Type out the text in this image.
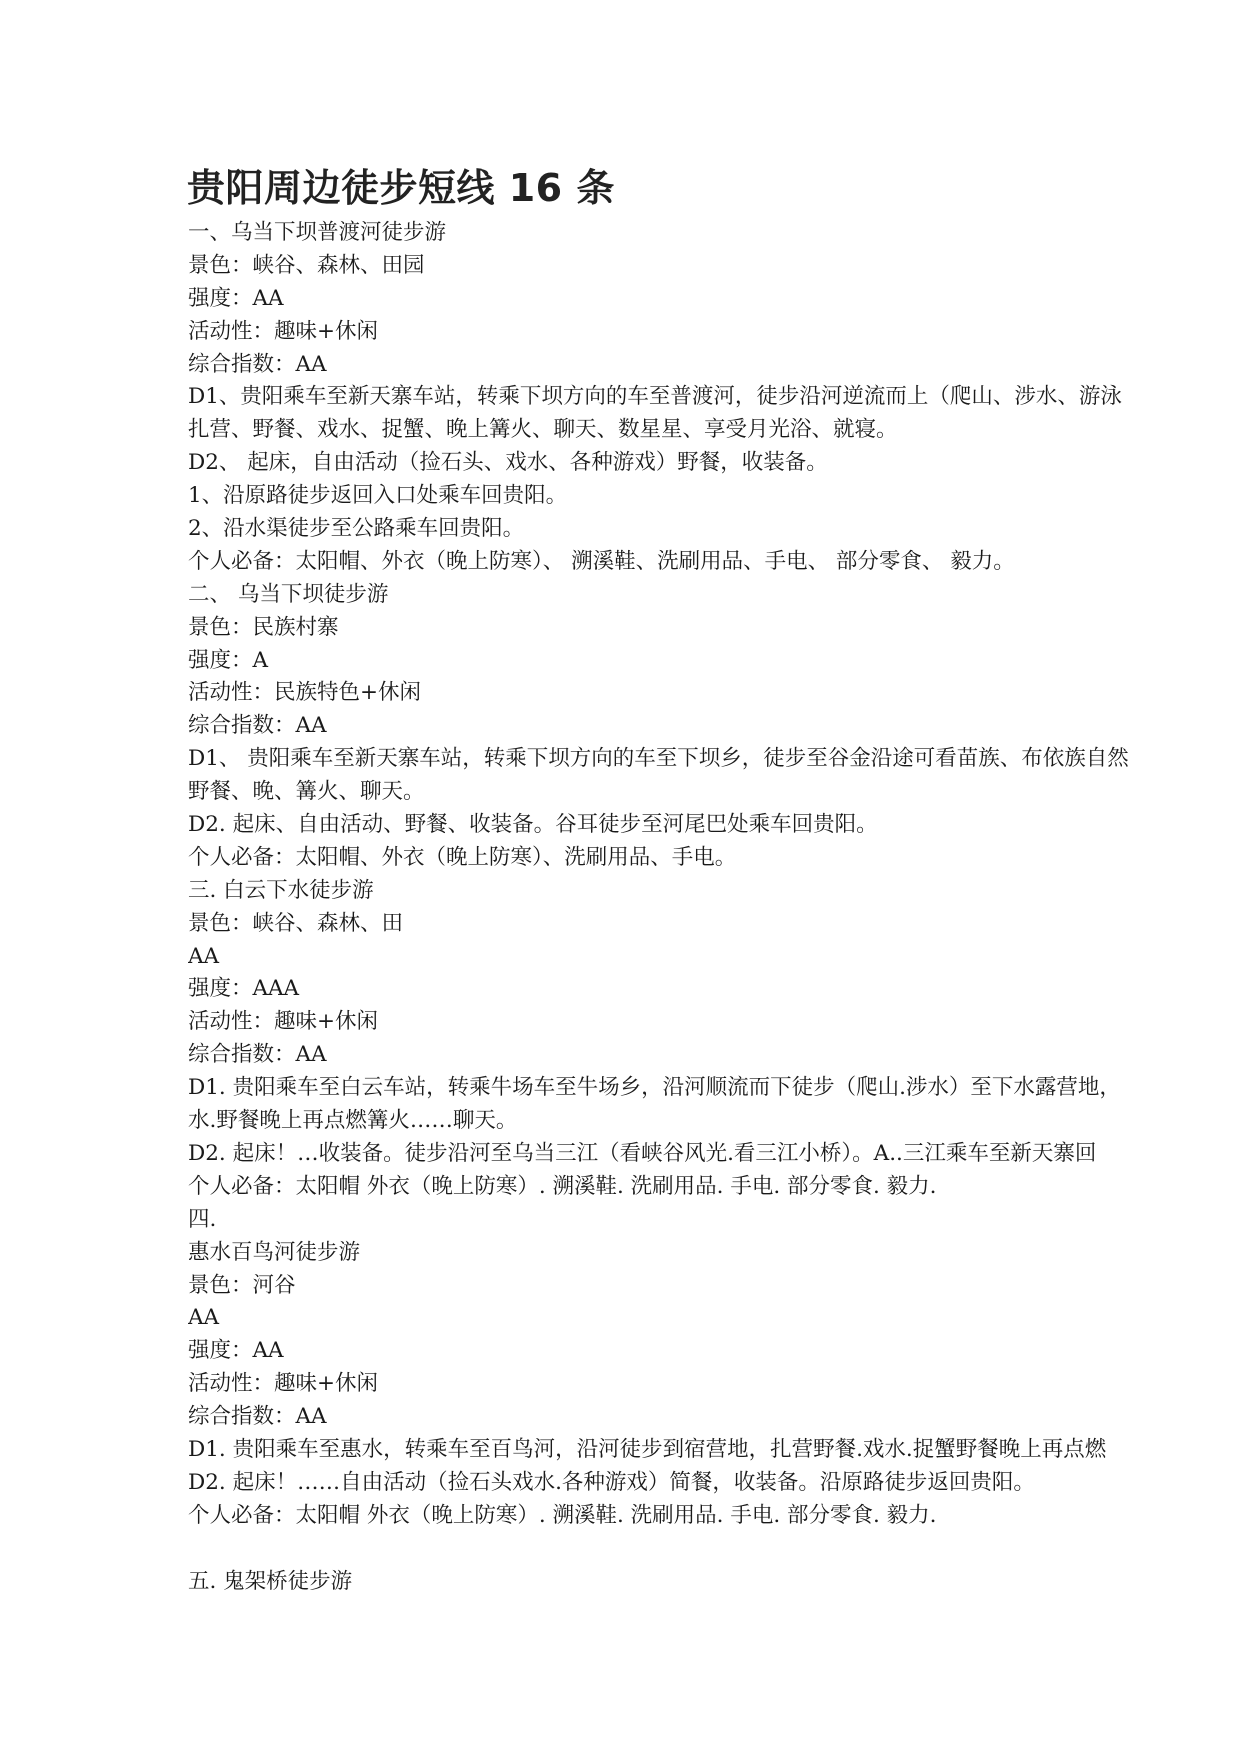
贵阳周边徒步短线 16 条
一、乌当下坝普渡河徒步游
景色：峡谷、森林、田园
强度：AA
活动性：趣味+休闲
综合指数：AA
D1、贵阳乘车至新天寨车站，转乘下坝方向的车至普渡河，徒步沿河逆流而上（爬山、涉水、游泳
扎营、野餐、戏水、捉蟹、晚上篝火、聊天、数星星、享受月光浴、就寝。
D2、 起床，自由活动（捡石头、戏水、各种游戏）野餐，收装备。
1、沿原路徒步返回入口处乘车回贵阳。
2、沿水渠徒步至公路乘车回贵阳。
个人必备：太阳帽、外衣（晚上防寒）、 溯溪鞋、洗刷用品、手电、 部分零食、 毅力。
二、 乌当下坝徒步游
景色：民族村寨
强度：A
活动性：民族特色+休闲
综合指数：AA
D1、 贵阳乘车至新天寨车站，转乘下坝方向的车至下坝乡，徒步至谷金沿途可看苗族、布依族自然
野餐、晚、篝火、聊天。
D2. 起床、自由活动、野餐、收装备。谷耳徒步至河尾巴处乘车回贵阳。
个人必备：太阳帽、外衣（晚上防寒）、洗刷用品、手电。
三. 白云下水徒步游
景色：峡谷、森林、田
AA
强度：AAA
活动性：趣味+休闲
综合指数：AA
D1. 贵阳乘车至白云车站，转乘牛场车至牛场乡，沿河顺流而下徒步（爬山.涉水）至下水露营地，
水.野餐晚上再点燃篝火……聊天。
D2. 起床！…收装备。徒步沿河至乌当三江（看峡谷风光.看三江小桥）。A..三江乘车至新天寨回
个人必备：太阳帽 外衣（晚上防寒）. 溯溪鞋. 洗刷用品. 手电. 部分零食. 毅力.
四.
惠水百鸟河徒步游
景色：河谷
AA
强度：AA
活动性：趣味+休闲
综合指数：AA
D1. 贵阳乘车至惠水，转乘车至百鸟河，沿河徒步到宿营地，扎营野餐.戏水.捉蟹野餐晚上再点燃
D2. 起床！……自由活动（捡石头戏水.各种游戏）简餐，收装备。沿原路徒步返回贵阳。
个人必备：太阳帽 外衣（晚上防寒）. 溯溪鞋. 洗刷用品. 手电. 部分零食. 毅力.
五. 鬼架桥徒步游
